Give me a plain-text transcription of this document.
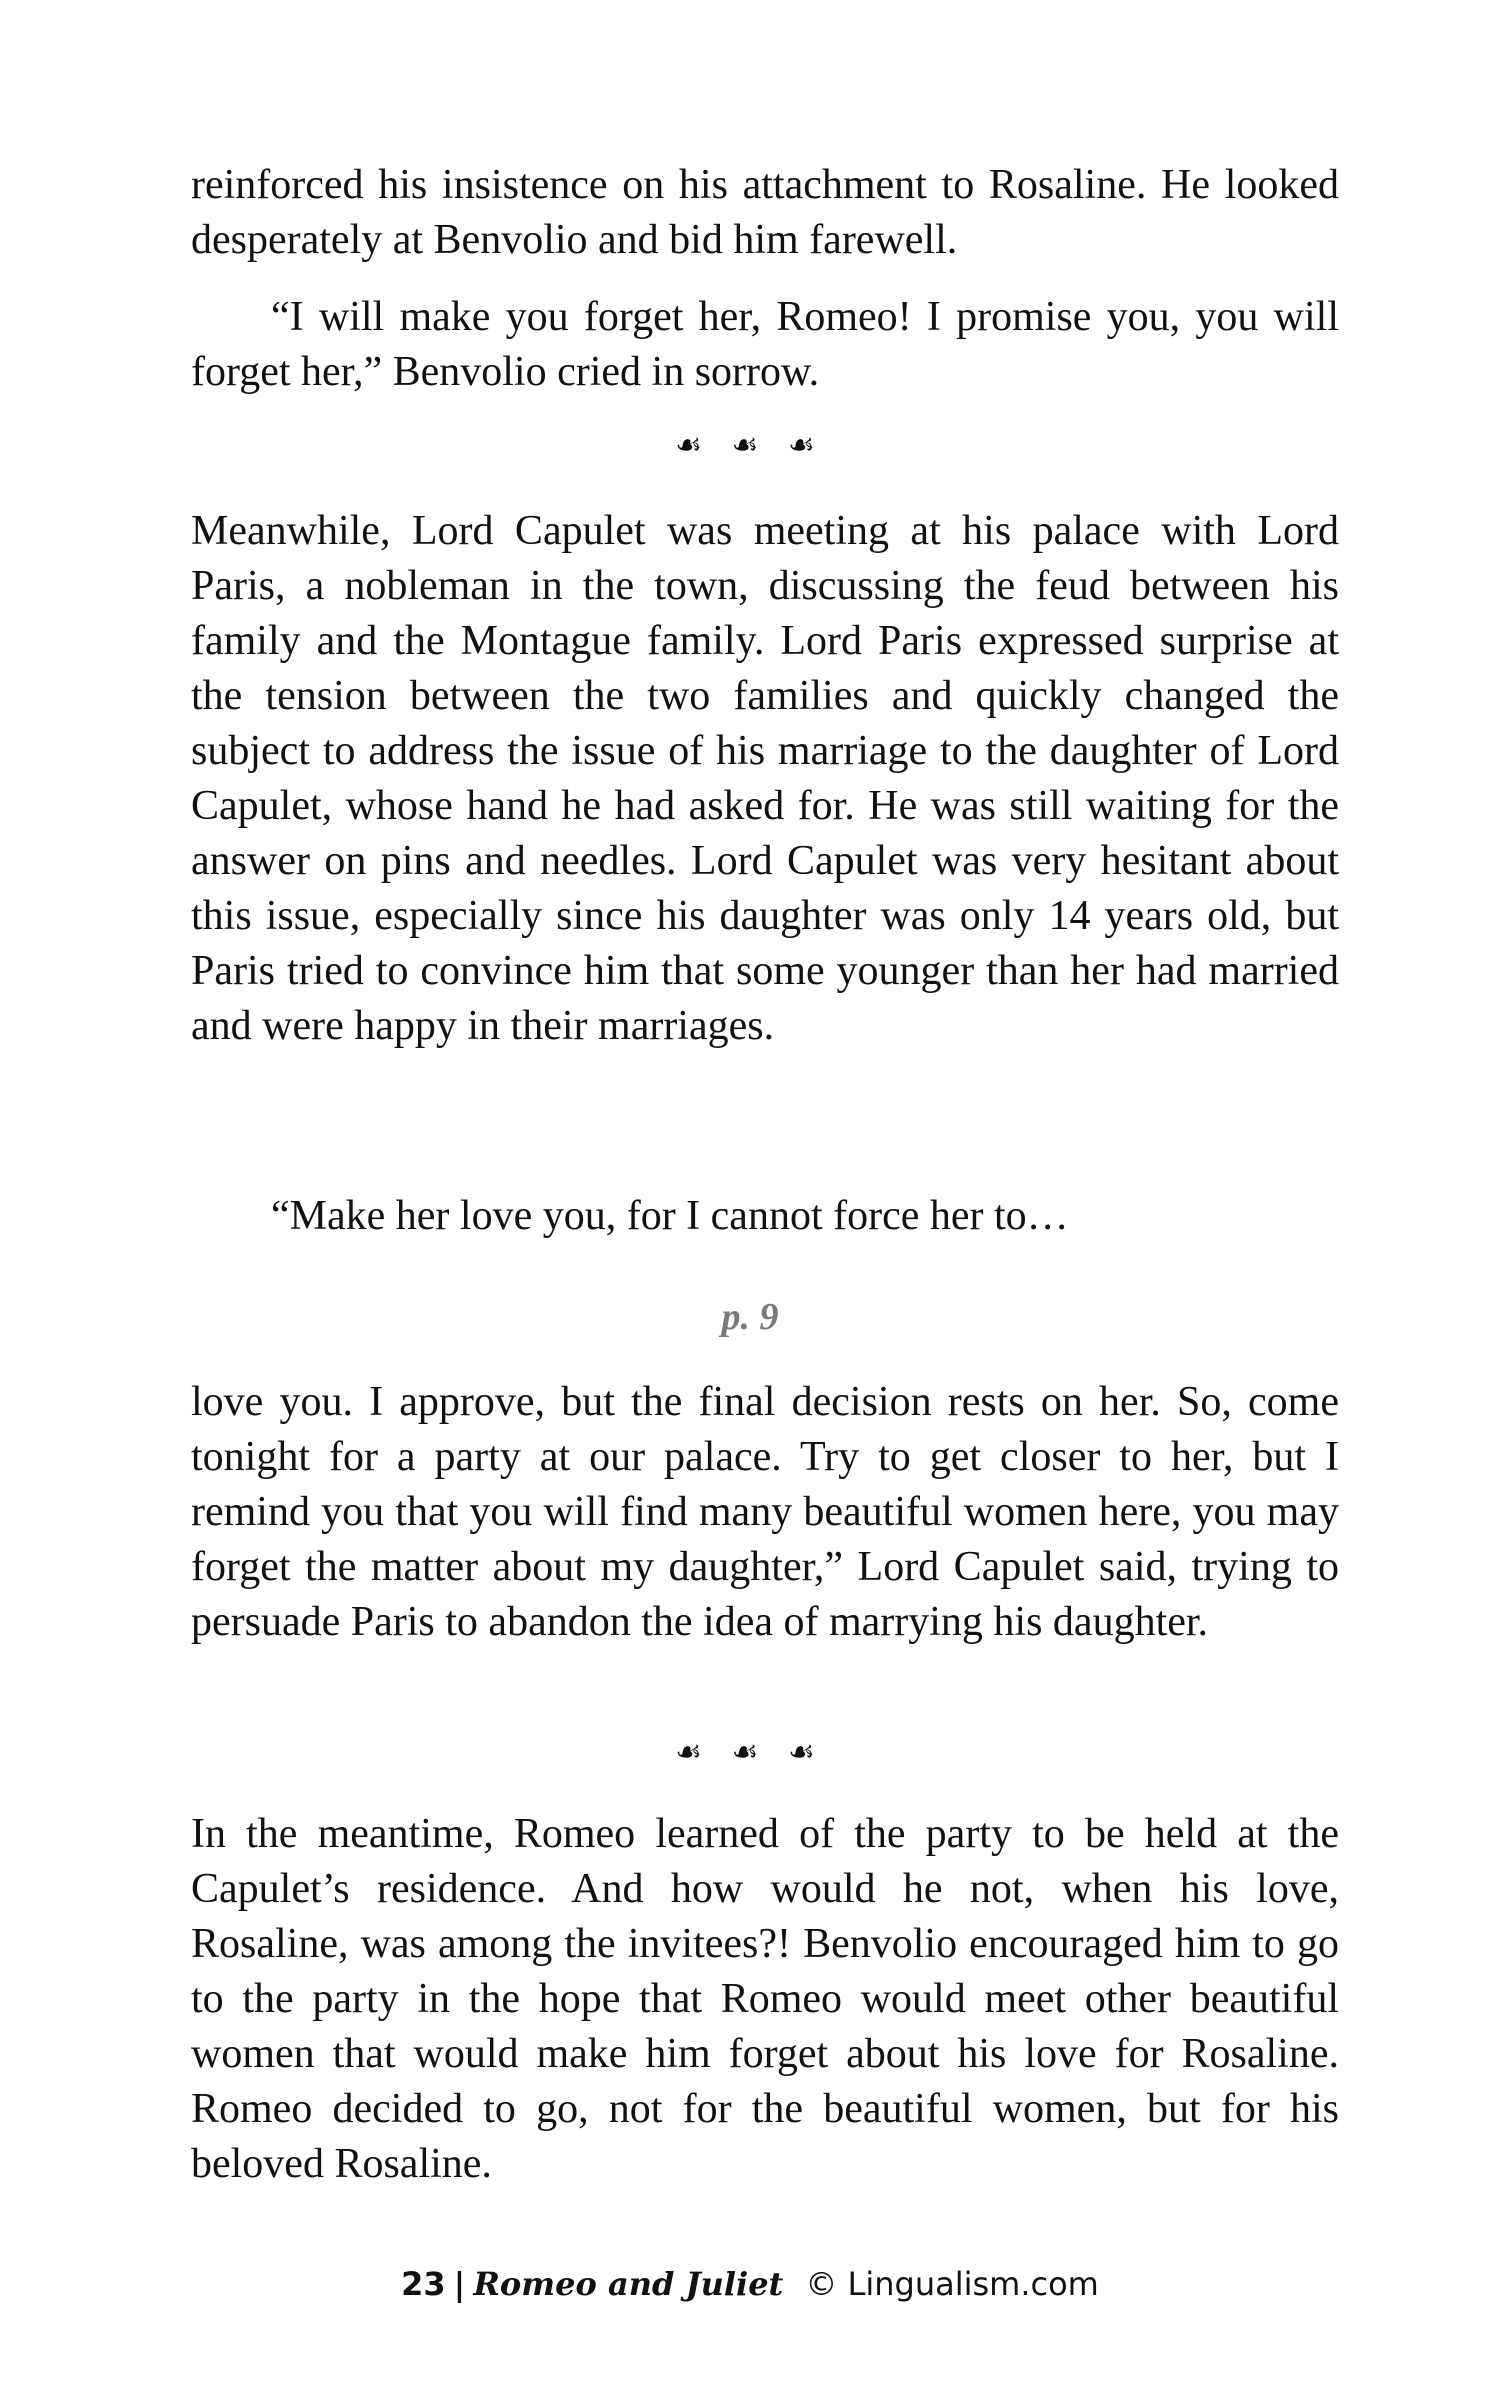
reinforced his insistence on his attachment to Rosaline. He looked desperately at Benvolio and bid him farewell.

“I will make you forget her, Romeo! I promise you, you will forget her,” Benvolio cried in sorrow.

☙ ☙ ☙

Meanwhile, Lord Capulet was meeting at his palace with Lord Paris, a nobleman in the town, discussing the feud between his family and the Montague family. Lord Paris expressed surprise at the tension between the two families and quickly changed the subject to address the issue of his marriage to the daughter of Lord Capulet, whose hand he had asked for. He was still waiting for the answer on pins and needles. Lord Capulet was very hesitant about this issue, especially since his daughter was only 14 years old, but Paris tried to convince him that some younger than her had married and were happy in their marriages.

“Make her love you, for I cannot force her to…

p. 9

love you. I approve, but the final decision rests on her. So, come tonight for a party at our palace. Try to get closer to her, but I remind you that you will find many beautiful women here, you may forget the matter about my daughter,” Lord Capulet said, trying to persuade Paris to abandon the idea of marrying his daughter.

☙ ☙ ☙

In the meantime, Romeo learned of the party to be held at the Capulet’s residence. And how would he not, when his love, Rosaline, was among the invitees?! Benvolio encouraged him to go to the party in the hope that Romeo would meet other beautiful women that would make him forget about his love for Rosaline. Romeo decided to go, not for the beautiful women, but for his beloved Rosaline.

23 | Romeo and Juliet © Lingualism.com
